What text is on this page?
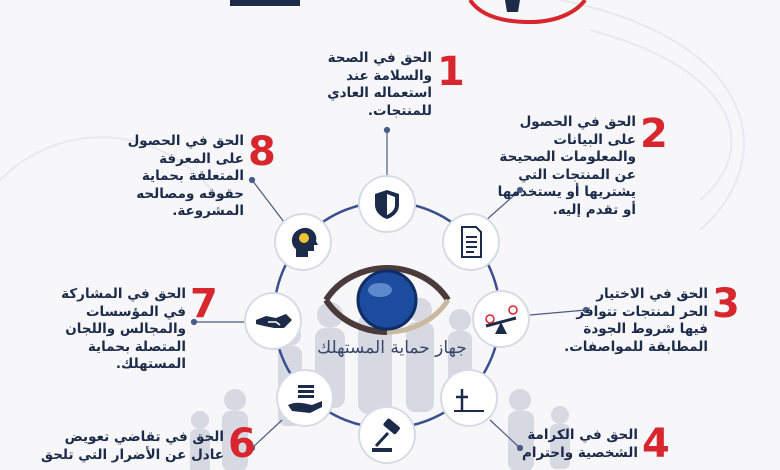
جهاز حماية المستهلك
1
الحق في الصحة
والسلامة عند
استعماله العادي
للمنتجات.
2
الحق في الحصول
على البيانات
والمعلومات الصحيحة
عن المنتجات التي
يشتريها أو يستخدمها
أو تقدم إليه.
3
الحق في الاختيار
الحر لمنتجات تتوافر
فيها شروط الجودة
المطابقة للمواصفات.
4
الحق في الكرامة
الشخصية واحترام
6
الحق في تقاضي تعويض
عادل عن الأضرار التي تلحق
7
الحق في المشاركة
في المؤسسات
والمجالس واللجان
المتصلة بحماية
المستهلك.
8
الحق في الحصول
على المعرفة
المتعلقة بحماية
حقوقه ومصالحه
المشروعة.
